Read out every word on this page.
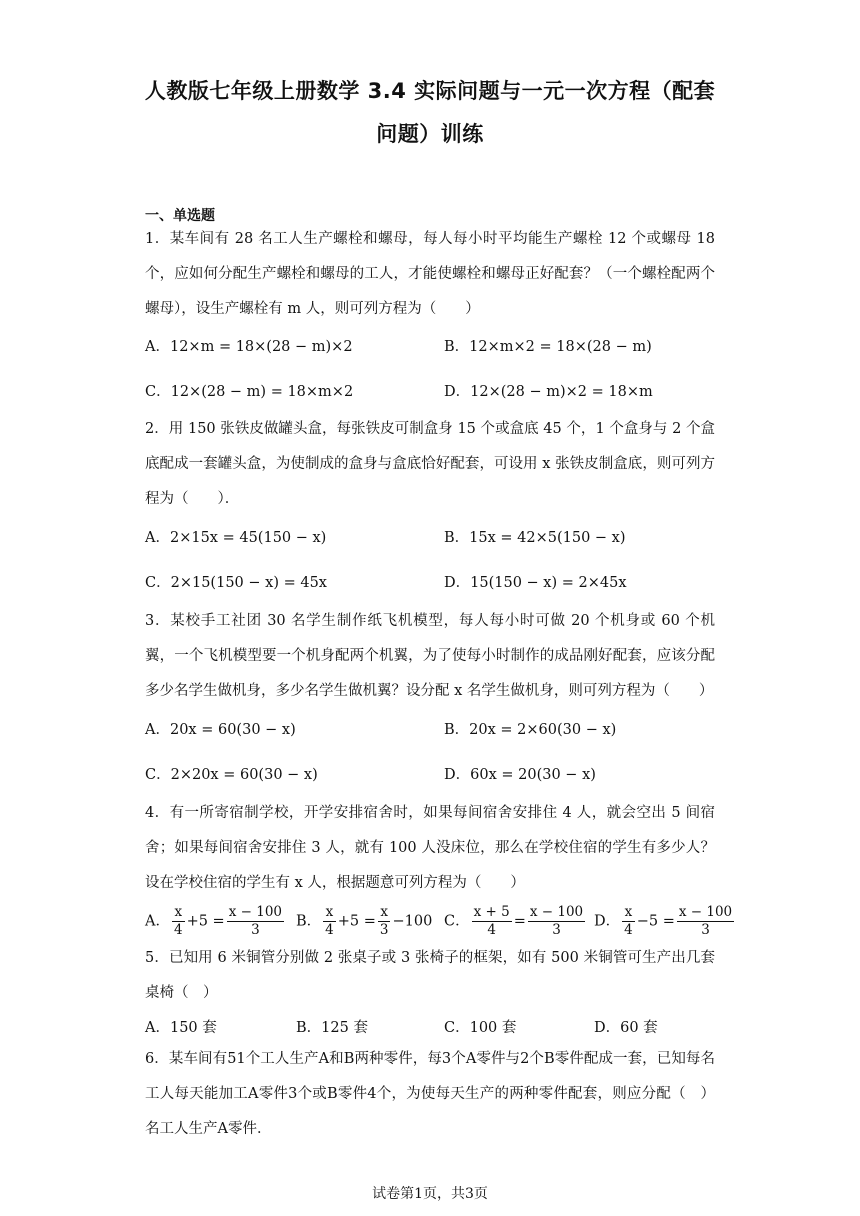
人教版七年级上册数学 3.4 实际问题与一元一次方程（配套
问题）训练
一、单选题
1．某车间有 28 名工人生产螺栓和螺母，每人每小时平均能生产螺栓 12 个或螺母 18 个，应如何分配生产螺栓和螺母的工人，才能使螺栓和螺母正好配套？（一个螺栓配两个螺母），设生产螺栓有 m 人，则可列方程为（　　）
A．12×m = 18×(28 − m)×2	B．12×m×2 = 18×(28 − m)
C．12×(28 − m) = 18×m×2	D．12×(28 − m)×2 = 18×m
2．用 150 张铁皮做罐头盒，每张铁皮可制盒身 15 个或盒底 45 个，1 个盒身与 2 个盒底配成一套罐头盒，为使制成的盒身与盒底恰好配套，可设用 x 张铁皮制盒底，则可列方程为（　　）．
A．2×15x = 45(150 − x)	B．15x = 42×5(150 − x)
C．2×15(150 − x) = 45x	D．15(150 − x) = 2×45x
3．某校手工社团 30 名学生制作纸飞机模型，每人每小时可做 20 个机身或 60 个机翼，一个飞机模型要一个机身配两个机翼，为了使每小时制作的成品刚好配套，应该分配多少名学生做机身，多少名学生做机翼？设分配 x 名学生做机身，则可列方程为（　　）
A．20x = 60(30 − x)	B．20x = 2×60(30 − x)
C．2×20x = 60(30 − x)	D．60x = 20(30 − x)
4．有一所寄宿制学校，开学安排宿舍时，如果每间宿舍安排住 4 人，就会空出 5 间宿舍；如果每间宿舍安排住 3 人，就有 100 人没床位，那么在学校住宿的学生有多少人？设在学校住宿的学生有 x 人，根据题意可列方程为（　　）
A． $\frac{x}{4} +5 = \frac{x - 100}{3}$ B． $\frac{x}{4} +5 = \frac{x}{3} -100$ C． $\frac{x + 5}{4} = \frac{x - 100}{3}$ D． $\frac{x}{4} -5 = \frac{x - 100}{3}$
5．已知用 6 米铜管分别做 2 张桌子或 3 张椅子的框架，如有 500 米铜管可生产出几套桌椅（　）
A．150 套	B．125 套	C．100 套	D．60 套
6．某车间有51个工人生产A和B两种零件，每3个A零件与2个B零件配成一套，已知每名工人每天能加工A零件3个或B零件4个，为使每天生产的两种零件配套，则应分配（　）名工人生产A零件．
试卷第1页，共3页
